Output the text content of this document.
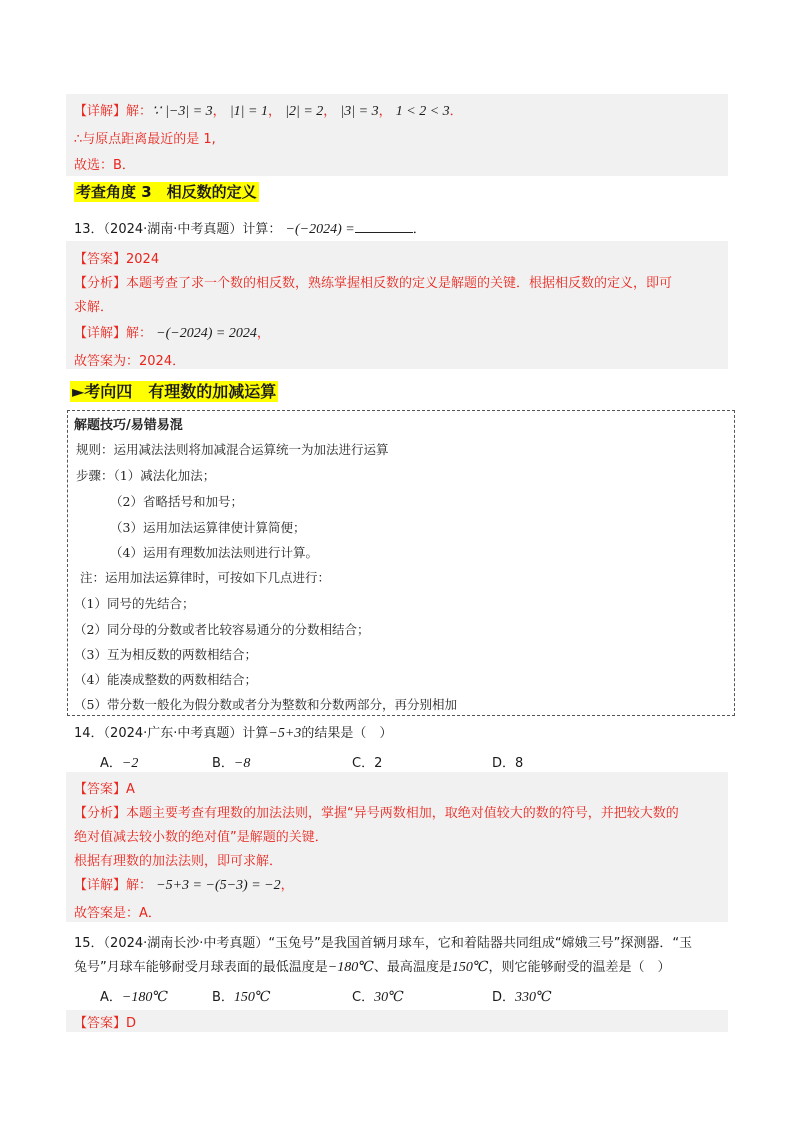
【详解】解：∵ |−3| = 3， |1| = 1， |2| = 2， |3| = 3， 1 < 2 < 3．
∴与原点距离最近的是 1,
故选：B．
考查角度 3　相反数的定义
13．（2024·湖南·中考真题）计算： −(−2024) =	．
【答案】2024
【分析】本题考查了求一个数的相反数，熟练掌握相反数的定义是解题的关键．根据相反数的定义，即可
求解．
【详解】解： −(−2024) = 2024，
故答案为：2024．
►考向四　有理数的加减运算
解题技巧/易错易混
规则：运用减法法则将加减混合运算统一为加法进行运算
步骤：（1）减法化加法；
（2）省略括号和加号；
（3）运用加法运算律使计算简便；
（4）运用有理数加法法则进行计算。
注：运用加法运算律时，可按如下几点进行：
（1）同号的先结合；
（2）同分母的分数或者比较容易通分的分数相结合；
（3）互为相反数的两数相结合；
（4）能凑成整数的两数相结合；
（5）带分数一般化为假分数或者分为整数和分数两部分，再分别相加
14．（2024·广东·中考真题）计算−5+3的结果是（　）
A．−2	B．−8	C．2	D．8
【答案】A
【分析】本题主要考查有理数的加法法则，掌握“异号两数相加，取绝对值较大的数的符号，并把较大数的
绝对值减去较小数的绝对值”是解题的关键．
根据有理数的加法法则，即可求解．
【详解】解： −5+3 = −(5−3) = −2，
故答案是：A．
15．（2024·湖南长沙·中考真题）“玉兔号”是我国首辆月球车，它和着陆器共同组成“嫦娥三号”探测器．“玉
兔号”月球车能够耐受月球表面的最低温度是−180℃、最高温度是150℃，则它能够耐受的温差是（　）
A．−180℃	B．150℃	C．30℃	D．330℃
【答案】D
